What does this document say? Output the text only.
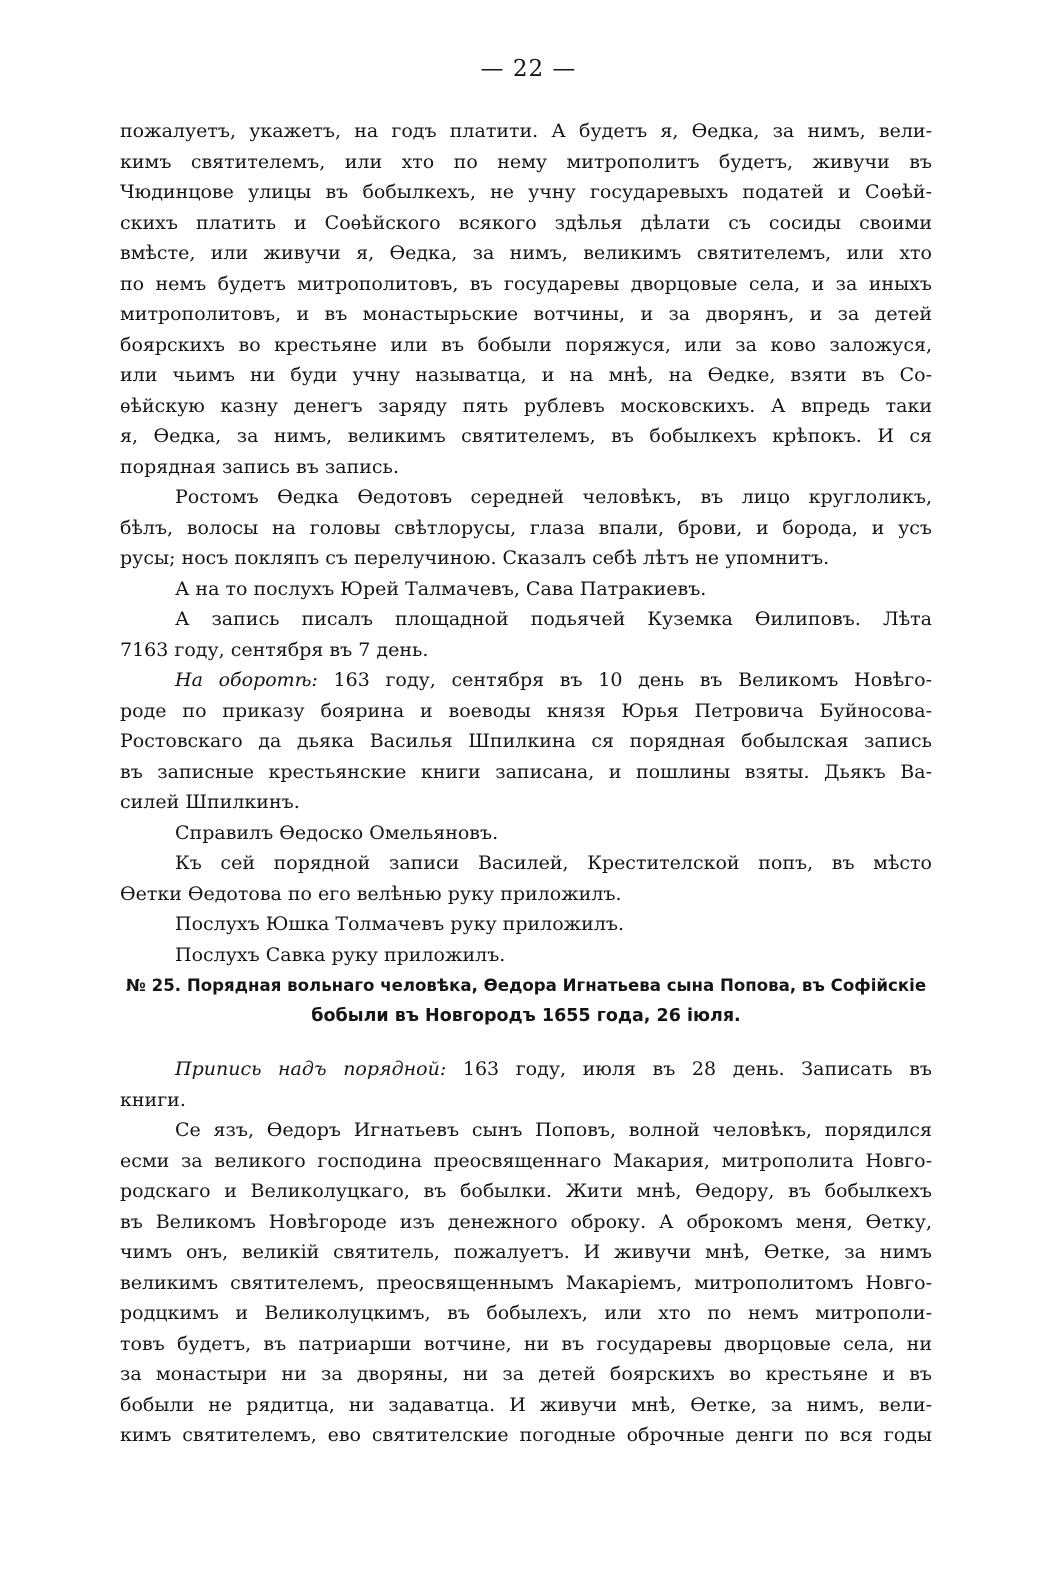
— 22 —
пожалуетъ, укажетъ, на годъ платити. А будетъ я, Ѳедка, за нимъ, вели-
кимъ святителемъ, или хто по нему митрополитъ будетъ, живучи въ
Чюдинцове улицы въ бобылкехъ, не учну государевыхъ податей и Соѳѣй-
скихъ платить и Соѳѣйского всякого здѣлья дѣлати съ сосиды своими
вмѣсте, или живучи я, Ѳедка, за нимъ, великимъ святителемъ, или хто
по немъ будетъ митрополитовъ, въ государевы дворцовые села, и за иныхъ
митрополитовъ, и въ монастырьские вотчины, и за дворянъ, и за детей
боярскихъ во крестьяне или въ бобыли поряжуся, или за ково заложуся,
или чьимъ ни буди учну называтца, и на мнѣ, на Ѳедке, взяти въ Со-
ѳѣйскую казну денегъ заряду пять рублевъ московскихъ. А впредь таки
я, Ѳедка, за нимъ, великимъ святителемъ, въ бобылкехъ крѣпокъ. И ся
порядная запись въ запись.
Ростомъ Ѳедка Ѳедотовъ середней человѣкъ, въ лицо круглоликъ,
бѣлъ, волосы на головы свѣтлорусы, глаза впали, брови, и борода, и усъ
русы; носъ покляпъ съ перелучиною. Сказалъ себѣ лѣтъ не упомнитъ.
А на то послухъ Юрей Талмачевъ, Сава Патракиевъ.
А запись писалъ площадной подьячей Куземка Ѳилиповъ. Лѣта
7163 году, сентября въ 7 день.
На оборотѣ: 163 году, сентября въ 10 день въ Великомъ Новѣго-
роде по приказу боярина и воеводы князя Юрья Петровича Буйносова-
Ростовскаго да дьяка Василья Шпилкина ся порядная бобылская запись
въ записные крестьянские книги записана, и пошлины взяты. Дьякъ Ва-
силей Шпилкинъ.
Справилъ Ѳедоско Омельяновъ.
Къ сей порядной записи Василей, Крестителской попъ, въ мѣсто
Ѳетки Ѳедотова по его велѣнью руку приложилъ.
Послухъ Юшка Толмачевъ руку приложилъ.
Послухъ Савка руку приложилъ.
№ 25. Порядная вольнаго человѣка, Ѳедора Игнатьева сына Попова, въ Софійскіе
бобыли въ Новгородъ 1655 года, 26 іюля.
Припись надъ порядной: 163 году, июля въ 28 день. Записать въ
книги.
Се язъ, Ѳедоръ Игнатьевъ сынъ Поповъ, волной человѣкъ, порядился
есми за великого господина преосвященнаго Макария, митрополита Новго-
родскаго и Великолуцкаго, въ бобылки. Жити мнѣ, Ѳедору, въ бобылкехъ
въ Великомъ Новѣгороде изъ денежного оброку. А оброкомъ меня, Ѳетку,
чимъ онъ, великій святитель, пожалуетъ. И живучи мнѣ, Ѳетке, за нимъ
великимъ святителемъ, преосвященнымъ Макаріемъ, митрополитомъ Новго-
родцкимъ и Великолуцкимъ, въ бобылехъ, или хто по немъ митрополи-
товъ будетъ, въ патриарши вотчине, ни въ государевы дворцовые села, ни
за монастыри ни за дворяны, ни за детей боярскихъ во крестьяне и въ
бобыли не рядитца, ни задаватца. И живучи мнѣ, Ѳетке, за нимъ, вели-
кимъ святителемъ, ево святителские погодные оброчные денги по вся годы
